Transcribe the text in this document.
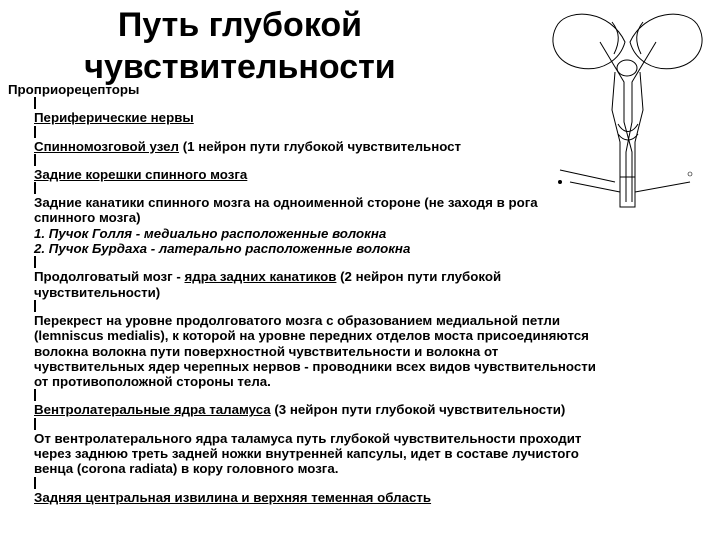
Путь глубокой
чувствительности
Проприорецепторы
Периферические нервы
Спинномозговой узел (1 нейрон пути глубокой чувствительност
Задние корешки спинного мозга
Задние канатики спинного мозга на одноименной стороне (не заходя в рога
спинного мозга)
1. Пучок Голля - медиально расположенные волокна
2. Пучок Бурдаха - латерально расположенные волокна
Продолговатый мозг - ядра задних канатиков (2 нейрон пути глубокой
чувствительности)
Перекрест на уровне продолговатого мозга с образованием медиальной петли
(lemniscus medialis), к которой на уровне передних отделов моста присоединяются
волокна волокна пути поверхностной чувствительности и волокна от
чувствительных ядер черепных нервов - проводники всех видов чувствительности
от противоположной стороны тела.
Вентролатеральные ядра таламуса (3 нейрон пути глубокой чувствительности)
От вентролатерального ядра таламуса путь глубокой чувствительности проходит
через заднюю треть задней ножки внутренней капсулы, идет в составе лучистого
венца (corona radiata) в кору головного мозга.
Задняя центральная извилина и верхняя теменная область
